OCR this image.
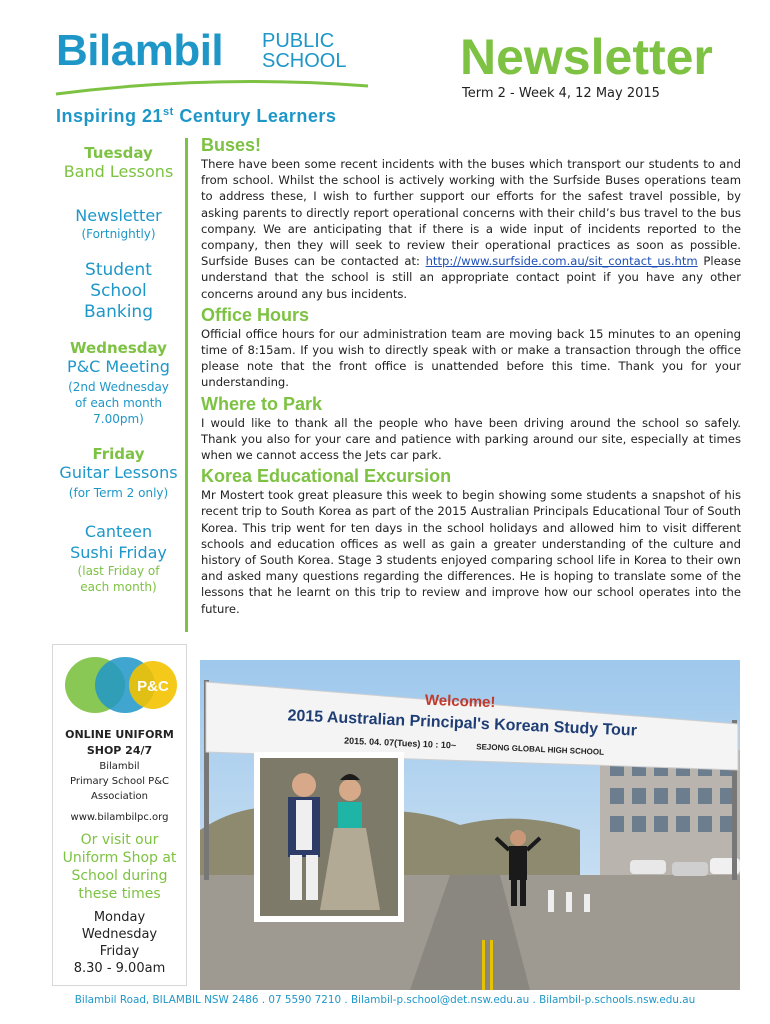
Bilambil PUBLIC
SCHOOL
Inspiring 21st Century Learners
Newsletter
Term 2 - Week 4, 12 May 2015
Tuesday
Band Lessons
Newsletter
(Fortnightly)
Student
School
Banking
Wednesday
P&C Meeting
(2nd Wednesday
of each month
7.00pm)
Friday
Guitar Lessons
(for Term 2 only)
Canteen
Sushi Friday
(last Friday of
each month)
P&C
ONLINE UNIFORM
SHOP 24/7
Bilambil
Primary School P&C
Association
www.bilambilpc.org
Or visit our
Uniform Shop at
School during
these times
Monday
Wednesday
Friday
8.30 - 9.00am
Buses!

There have been some recent incidents with the buses which transport our students to and from school. Whilst the school is actively working with the Surfside Buses operations team to address these, I wish to further support our efforts for the safest travel possible, by asking parents to directly report operational concerns with their child’s bus travel to the bus company. We are anticipating that if there is a wide input of incidents reported to the company, then they will seek to review their operational practices as soon as possible. Surfside Buses can be contacted at: http://www.surfside.com.au/sit_contact_us.htm Please understand that the school is still an appropriate contact point if you have any other concerns around any bus incidents.

Office Hours

Official office hours for our administration team are moving back 15 minutes to an opening time of 8:15am. If you wish to directly speak with or make a transaction through the office please note that the front office is unattended before this time. Thank you for your understanding.

Where to Park

I would like to thank all the people who have been driving around the school so safely. Thank you also for your care and patience with parking around our site, especially at times when we cannot access the Jets car park.

Korea Educational Excursion

Mr Mostert took great pleasure this week to begin showing some students a snapshot of his recent trip to South Korea as part of the 2015 Australian Principals Educational Tour of South Korea. This trip went for ten days in the school holidays and allowed him to visit different schools and education offices as well as gain a greater understanding of the culture and history of South Korea. Stage 3 students enjoyed comparing school life in Korea to their own and asked many questions regarding the differences. He is hoping to translate some of the lessons that he learnt on this trip to review and improve how our school operates into the future.

Welcome!
2015 Australian Principal's Korean Study Tour
2015. 04. 07(Tues) 10 : 10~ SEJONG GLOBAL HIGH SCHOOL
Bilambil Road, BILAMBIL NSW 2486 . 07 5590 7210 . Bilambil-p.school@det.nsw.edu.au . Bilambil-p.schools.nsw.edu.au
